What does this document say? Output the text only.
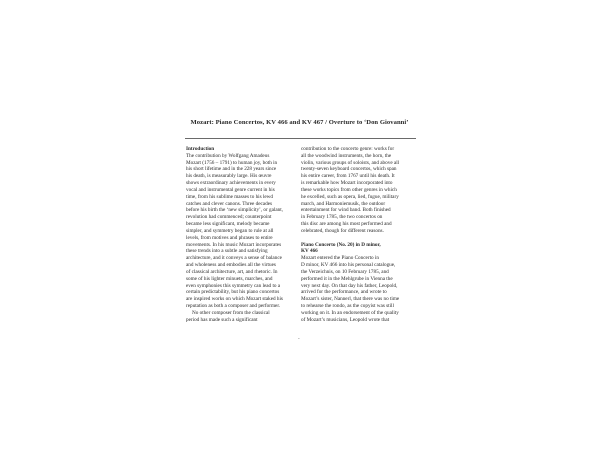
Mozart: Piano Concertos, KV 466 and KV 467 / Overture to ‘Don Giovanni’
Introduction
The contribution by Wolfgang Amadeus
Mozart (1756 – 1791) to human joy, both in
his short lifetime and in the 228 years since
his death, is measurably large. His œuvre
shows extraordinary achievements in every
vocal and instrumental genre current in his
time, from his sublime masses to his lewd
catches and clever canons. Three decades
before his birth the ‘new simplicity’, or galant,
revolution had commenced; counterpoint
became less significant, melody became
simpler, and symmetry began to rule at all
levels, from motives and phrases to entire
movements. In his music Mozart incorporates
these trends into a subtle and satisfying
architecture, and it conveys a sense of balance
and wholeness and embodies all the virtues
of classical architecture, art, and rhetoric. In
some of his lighter minuets, marches, and
even symphonies this symmetry can lead to a
certain predictability, but his piano concertos
are inspired works on which Mozart staked his
reputation as both a composer and performer.
No other composer from the classical
period has made such a significant
contribution to the concerto genre: works for
all the woodwind instruments, the horn, the
violin, various groups of soloists, and above all
twenty-seven keyboard concertos, which span
his entire career, from 1767 until his death. It
is remarkable how Mozart incorporated into
these works topics from other genres in which
he excelled, such as opera, lied, fugue, military
march, and Harmoniemusik, the outdoor
entertainment for wind band. Both finished
in February 1785, the two concertos on
this disc are among his most performed and
celebrated, though for different reasons.
Piano Concerto (No. 20) in D minor,
KV 466
Mozart entered the Piano Concerto in
D minor, KV 466 into his personal catalogue,
the Verzeichnis, on 10 February 1785, and
performed it in the Mehlgrube in Vienna the
very next day. On that day his father, Leopold,
arrived for the performance, and wrote to
Mozart’s sister, Nannerl, that there was no time
to rehearse the rondo, as the copyist was still
working on it. In an endorsement of the quality
of Mozart’s musicians, Leopold wrote that
-
